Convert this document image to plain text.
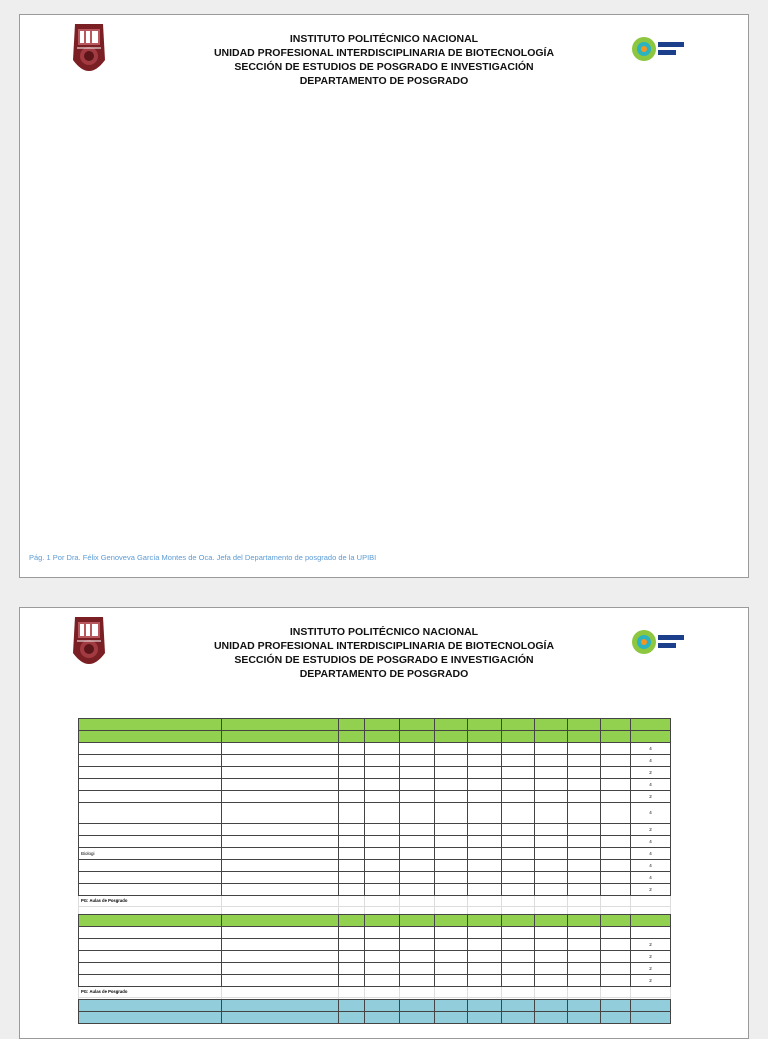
INSTITUTO POLITÉCNICO NACIONAL
UNIDAD PROFESIONAL INTERDISCIPLINARIA DE BIOTECNOLOGÍA
SECCIÓN DE ESTUDIOS DE POSGRADO E INVESTIGACIÓN
DEPARTAMENTO DE POSGRADO
Pág. 1 Por Dra. Félix Genoveva García Montes de Oca. Jefa del Departamento de posgrado de la UPIBI
INSTITUTO POLITÉCNICO NACIONAL
UNIDAD PROFESIONAL INTERDISCIPLINARIA DE BIOTECNOLOGÍA
SECCIÓN DE ESTUDIOS DE POSGRADO E INVESTIGACIÓN
DEPARTAMENTO DE POSGRADO

											4
											4
											2
											4
											2
											4
											2
											4
Biologi											4
											4
											4
											2
PG: Aulas de Posgrado											

											2
											2
											2
											2
PG: Aulas de Posgrado											
